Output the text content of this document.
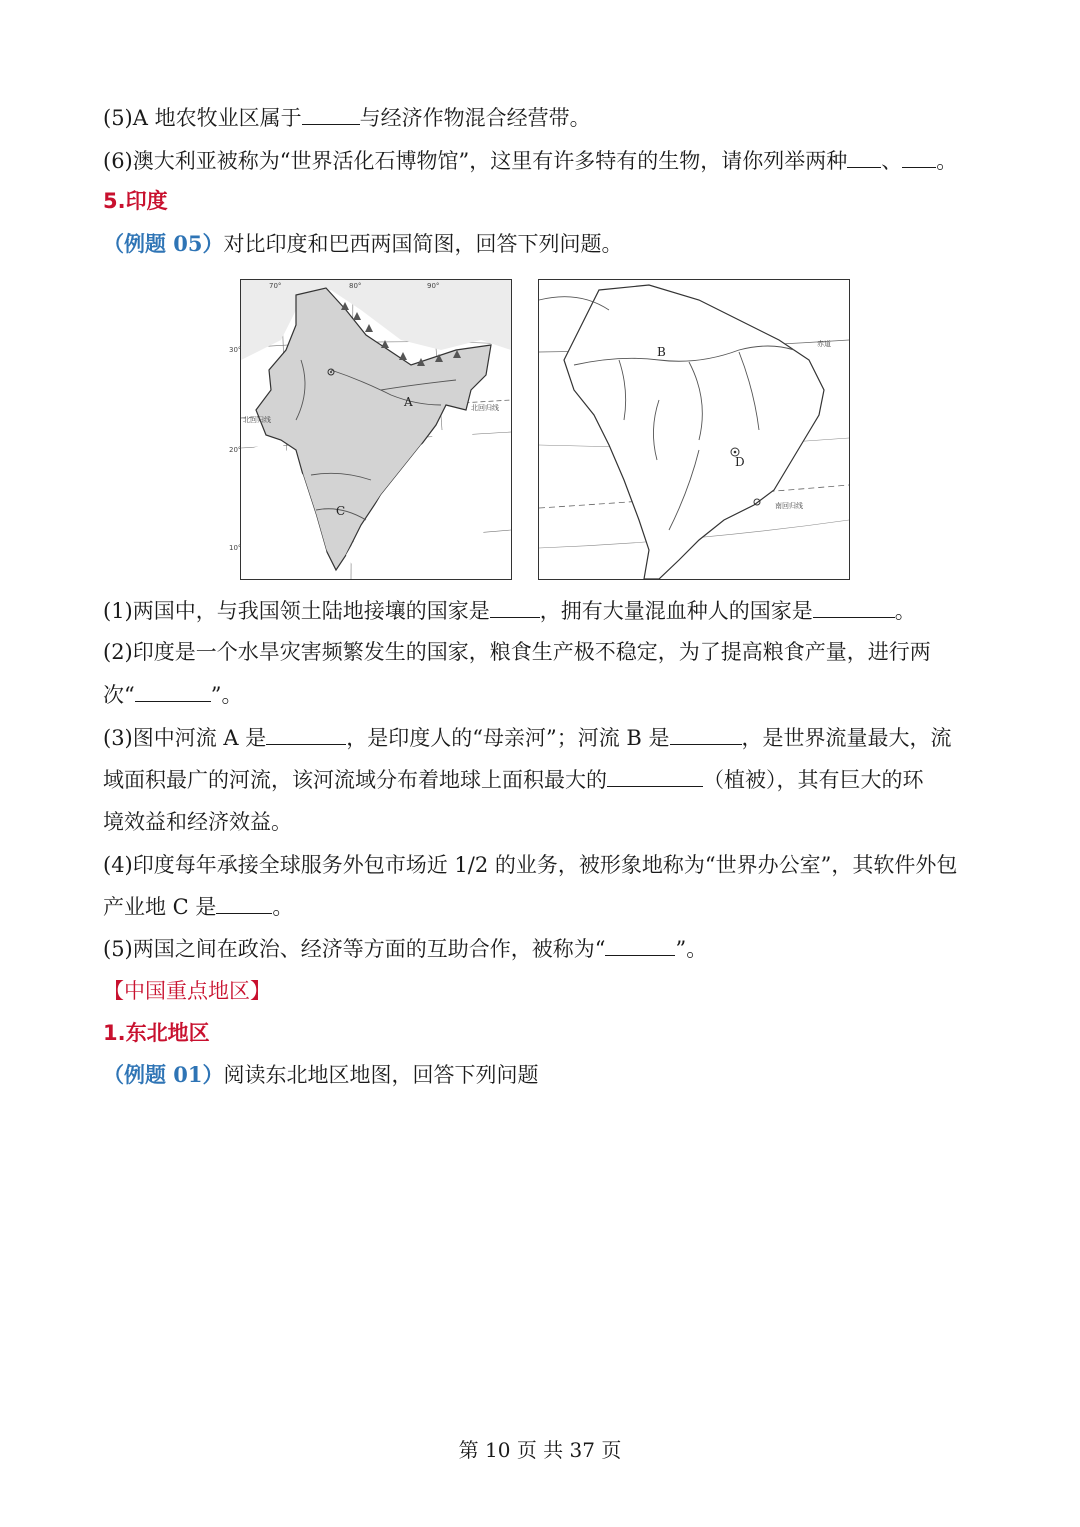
(5)A 地农牧业区属于	与经济作物混合经营带。
(6)澳大利亚被称为“世界活化石博物馆”，这里有许多特有的生物，请你列举两种 、 。
5.印度
（例题 05）对比印度和巴西两国简图，回答下列问题。
A
C
70°	80°	90°
30°
20°
10°
北回归线
北回归线
B
D
赤道
南回归线
(1)两国中，与我国领土陆地接壤的国家是 ，拥有大量混血种人的国家是	。
(2)印度是一个水旱灾害频繁发生的国家，粮食生产极不稳定，为了提高粮食产量，进行两
次“	”。
(3)图中河流 A 是	，是印度人的“母亲河”；河流 B 是	，是世界流量最大，流
域面积最广的河流，该河流域分布着地球上面积最大的	（植被），其有巨大的环
境效益和经济效益。
(4)印度每年承接全球服务外包市场近 1/2 的业务，被形象地称为“世界办公室”，其软件外包
产业地 C 是	。
(5)两国之间在政治、经济等方面的互助合作，被称为“	”。
【中国重点地区】
1.东北地区
（例题 01）阅读东北地区地图，回答下列问题
第 10 页 共 37 页
